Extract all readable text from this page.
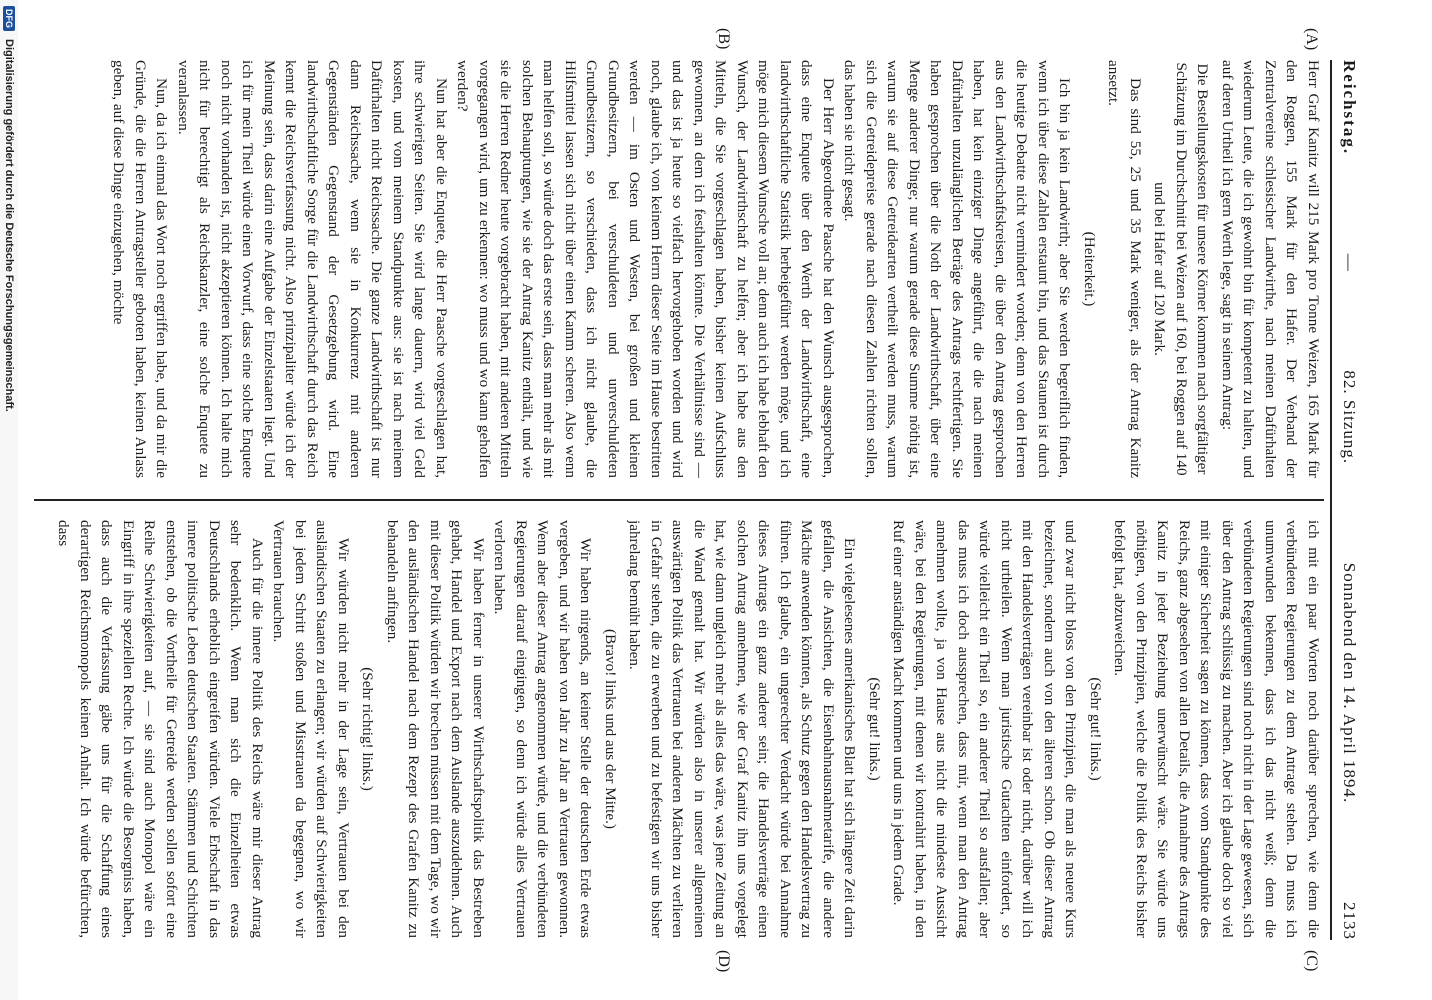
Reichstag.
—
82. Sitzung.
Sonnabend den 14. April 1894.
2133
(A)
(B)
(C)
(D)

Herr Graf Kanitz will 215 Mark pro Tonne Weizen, 165 Mark für den Roggen, 155 Mark für den Hafer. Der Verband der Zentralvereine schlesischer Landwirthe, nach meinen Dafürhalten wiederum Leute, die ich gewohnt bin für kompetent zu halten, und auf deren Urtheil ich gern Werth lege, sagt in seinem Antrag:

Die Bestellungskosten für unsere Körner kommen nach sorgfältiger Schätzung im Durchschnitt bei Weizen auf 160, bei Roggen auf 140 und bei Hafer auf 120 Mark.

Das sind 55, 25 und 35 Mark weniger, als der Antrag Kanitz ansetzt.

(Heiterkeit.)

Ich bin ja kein Landwirth; aber Sie werden begreiflich finden, wenn ich über diese Zahlen erstaunt bin, und das Staunen ist durch die heutige Debatte nicht vermindert worden; denn von den Herren aus den Landwirthschaftskreisen, die über den Antrag gesprochen haben, hat kein einziger Dinge angeführt, die die nach meinen Dafürhalten unzulänglichen Beträge des Antrags rechtfertigen. Sie haben gesprochen über die Noth der Landwirthschaft, über eine Menge anderer Dinge; nur warum gerade diese Summe nöthig ist, warum sie auf diese Getreidearten vertheilt werden muss, warum sich die Getreidepreise gerade nach diesen Zahlen richten sollen, das haben sie nicht gesagt.

Der Herr Abgeordnete Paasche hat den Wunsch ausgesprochen, dass eine Enquete über den Werth der Landwirthschaft, eine landwirthschaftliche Statistik herbeigeführt werden möge, und ich möge mich diesem Wunsche voll an; denn auch ich habe lebhaft den Wunsch, der Landwirthschaft zu helfen; aber ich habe aus den Mitteln, die Sie vorgeschlagen haben, bisher keinen Aufschluss gewonnen, an dem ich festhalten könnte. Die Verhältnisse sind — und das ist ja heute so vielfach hervorgehoben worden und wird noch, glaube ich, von keinem Herrn dieser Seite im Hause bestritten werden — im Osten und Westen, bei großen und kleinen Grundbesitzern, bei verschuldeten und unverschuldeten Grundbesitzern, so verschieden, dass ich nicht glaube, die Hilfsmittel lassen sich nicht über einen Kamm scheren. Also wenn man helfen soll, so würde doch das erste sein, dass man mehr als mit solchen Behauptungen, wie sie der Antrag Kanitz enthält, und wie sie die Herren Redner heute vorgebracht haben, mit anderen Mitteln vorgegangen wird, um zu erkennen: wo muss und wo kann geholfen werden?

Nun hat aber die Enquete, die Herr Paasche vorgeschlagen hat, ihre schwierigen Seiten. Sie wird lange dauern, wird viel Geld kosten, und vom meinem Standpunkte aus: sie ist nach meinem Dafürhalten nicht Reichssache. Die ganze Landwirthschaft ist nur dann Reichssache, wenn sie in Konkurrenz mit anderen Gegenständen Gegenstand der Gesetzgebung wird. Eine landwirthschaftliche Sorge für die Landwirthschaft durch das Reich kennt die Reichsverfassung nicht. Also prinzipaliter würde ich der Meinung sein, dass darin eine Aufgabe der Einzelstaaten liegt. Und ich für mein Theil würde einen Vorwurf, dass eine solche Enquete noch nicht vorhanden ist, nicht akzeptieren können. Ich halte mich nicht für berechtigt als Reichskanzler, eine solche Enquete zu veranlassen.

Nun, da ich einmal das Wort noch ergriffen habe, und da mir die Gründe, die die Herren Antragsteller geboten haben, keinen Anlass geben, auf diese Dinge einzugehen, möchte

ich mit ein paar Worten noch darüber sprechen, wie denn die verbündeten Regierungen zu dem Antrage stehen. Da muss ich unumwunden bekennen, dass ich das nicht weiß; denn die verbündeten Regierungen sind noch nicht in der Lage gewesen, sich über den Antrag schlüssig zu machen. Aber ich glaube doch so viel mit einiger Sicherheit sagen zu können, dass vom Standpunkte des Reichs, ganz abgesehen von allen Details, die Annahme des Antrags Kanitz in jeder Beziehung unerwünscht wäre. Sie würde uns nöthigen, von den Prinzipien, welche die Politik des Reichs bisher befolgt hat, abzuweichen.

(Sehr gut! links.)

und zwar nicht bloss von den Prinzipien, die man als neuere Kurs bezeichnet, sondern auch von den älteren schon. Ob dieser Antrag mit den Handelsverträgen vereinbar ist oder nicht, darüber will ich nicht urtheilen. Wenn man juristische Gutachten einfordert, so würde vielleicht ein Theil so, ein anderer Theil so ausfallen; aber das muss ich doch aussprechen, dass mir, wenn man den Antrag annehmen wollte, ja von Hause aus nicht die mindeste Aussicht wäre, bei den Regierungen, mit denen wir kontrahirt haben, in den Ruf einer anständigen Macht kommen und uns in jedem Grade.

(Sehr gut! links.)

Ein vielgelesenes amerikanisches Blatt hat sich längere Zeit darin gefallen, die Ansichten, die Eisenbahnausnahmetarife, die andere Mächte anwenden könnten, als Schutz gegen den Handelsvertrag zu führen. Ich glaube, ein ungerechter Verdacht würde bei Annahme dieses Antrags ein ganz anderer sein; die Handelsverträge einen solchen Antrag annehmen, wie der Graf Kanitz ihn uns vorgelegt hat, wie dann ungleich mehr als alles das wäre, was jene Zeitung an die Wand gemalt hat. Wir würden also in unserer allgemeinen auswärtigen Politik das Vertrauen bei anderen Mächten zu verlieren in Gefahr stehen, die zu erwerben und zu befestigen wir uns bisher jahrelang bemüht haben.

(Bravo! links und aus der Mitte.)

Wir haben nirgends, an keiner Stelle der deutschen Erde etwas vergeben, und wir haben von Jahr zu Jahr an Vertrauen gewonnen. Wenn aber dieser Antrag angenommen würde, und die verbündeten Regierungen darauf eingingen, so denn ich würde alles Vertrauen verloren haben.

Wir haben ferner in unserer Wirthschaftspolitik das Bestreben gehabt, Handel und Export nach dem Auslande auszudehnen. Auch mit dieser Politik würden wir brechen müssen mit dem Tage, wo wir den ausländischen Handel nach dem Rezept des Grafen Kanitz zu behandeln anfingen.

(Sehr richtig! links.)

Wir würden nicht mehr in der Lage sein, Vertrauen bei den ausländischen Staaten zu erlangen; wir würden auf Schwierigkeiten bei jedem Schritt stoßen und Misstrauen da begegnen, wo wir Vertrauen brauchen.

Auch für die innere Politik des Reichs wäre mir dieser Antrag sehr bedenklich. Wenn man sich die Einzelheiten etwas Deutschlands erheblich eingreifen würden. Viele Erbschaft in das innere politische Leben deutschen Staaten. Stämmen und Schichten entstehen, ob die Vortheile für Getreide werden sollen sofort eine Reihe Schwierigkeiten auf, — sie sind auch Monopol wäre ein Eingriff in ihre speziellen Rechte. Ich würde die Besorgniss haben, dass auch die Verfassung gäbe uns für die Schaffung eines derartigen Reichsmonopols keinen Anhalt. Ich würde befürchten, dass

DFG
Digitalisierung gefördert durch die Deutsche Forschungsgemeinschaft.
